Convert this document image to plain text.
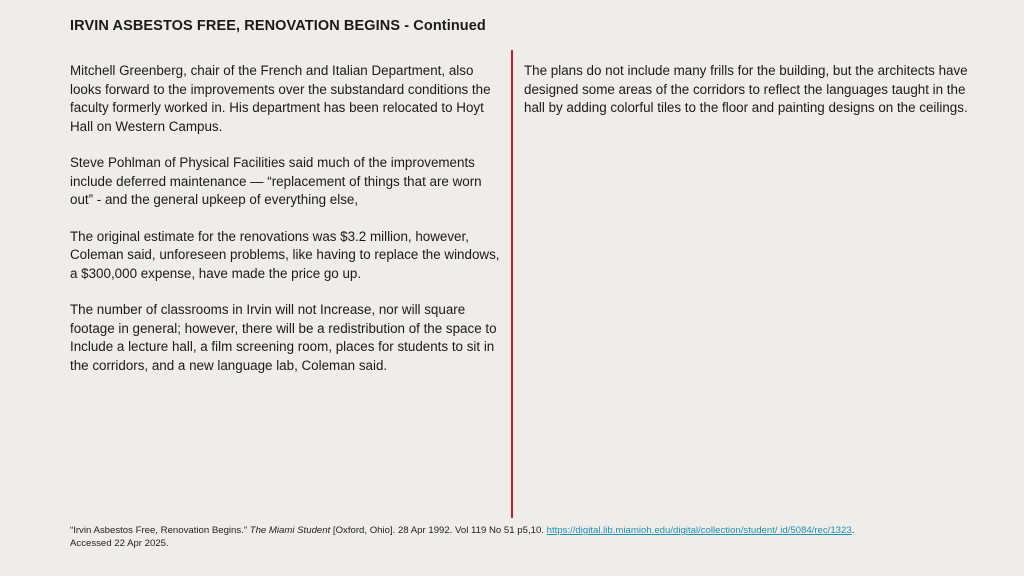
IRVIN ASBESTOS FREE, RENOVATION BEGINS - Continued

Mitchell Greenberg, chair of the French and Italian Department, also looks forward to the improvements over the substandard conditions the faculty formerly worked in. His department has been relocated to Hoyt Hall on Western Campus.

Steve Pohlman of Physical Facilities said much of the improvements include deferred maintenance — “replacement of things that are worn out” - and the general upkeep of everything else,

The original estimate for the renovations was $3.2 million, however, Coleman said, unforeseen problems, like having to replace the windows, a $300,000 expense, have made the price go up.

The number of classrooms in Irvin will not Increase, nor will square footage in general; however, there will be a redistribution of the space to Include a lecture hall, a film screening room, places for students to sit in the corridors, and a new language lab, Coleman said.

The plans do not include many frills for the building, but the architects have designed some areas of the corridors to reflect the languages taught in the hall by adding colorful tiles to the floor and painting designs on the ceilings.

“Irvin Asbestos Free, Renovation Begins.” The Miami Student [Oxford, Ohio]. 28 Apr 1992. Vol 119 No 51 p5,10. https://digital.lib.miamioh.edu/digital/collection/student/ id/5084/rec/1323.
Accessed 22 Apr 2025.
